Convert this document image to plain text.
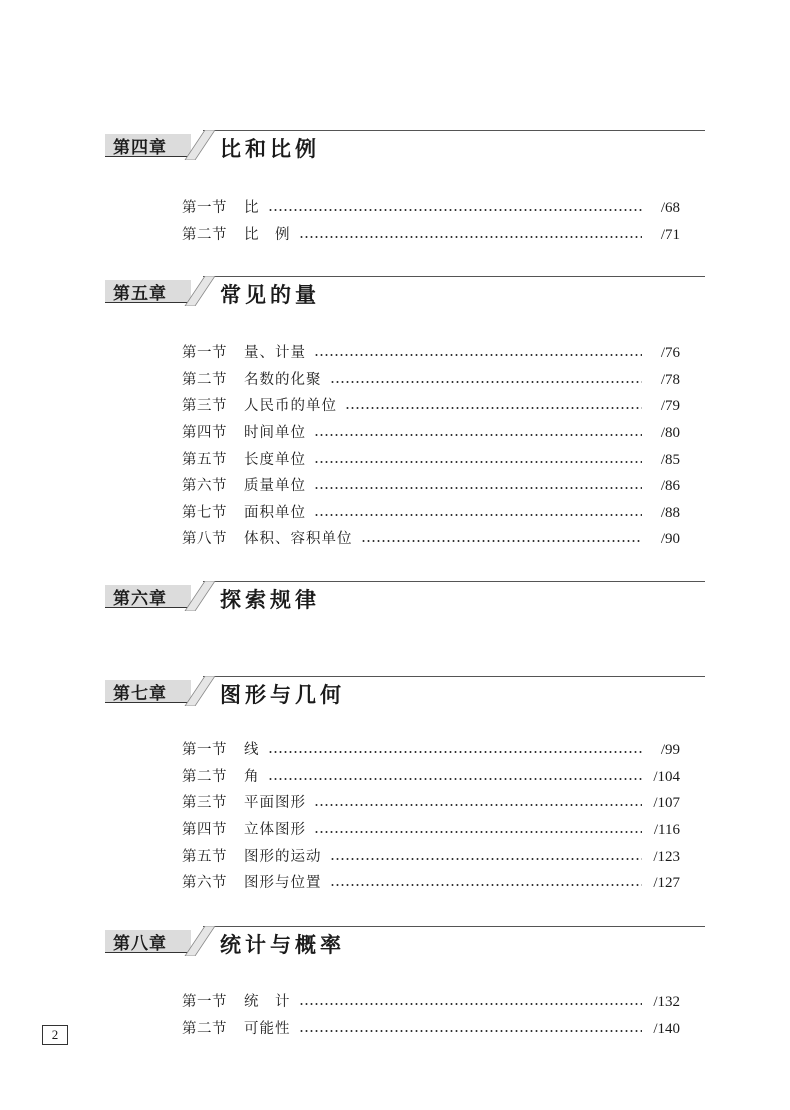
第四章	比和比例
第一节	比	/68
第二节	比　例	/71
第五章	常见的量
第一节	量、计量	/76
第二节	名数的化聚	/78
第三节	人民币的单位	/79
第四节	时间单位	/80
第五节	长度单位	/85
第六节	质量单位	/86
第七节	面积单位	/88
第八节	体积、容积单位	/90
第六章	探索规律
第七章	图形与几何
第一节	线	/99
第二节	角	/104
第三节	平面图形	/107
第四节	立体图形	/116
第五节	图形的运动	/123
第六节	图形与位置	/127
第八章	统计与概率
第一节	统　计	/132
第二节	可能性	/140
2
